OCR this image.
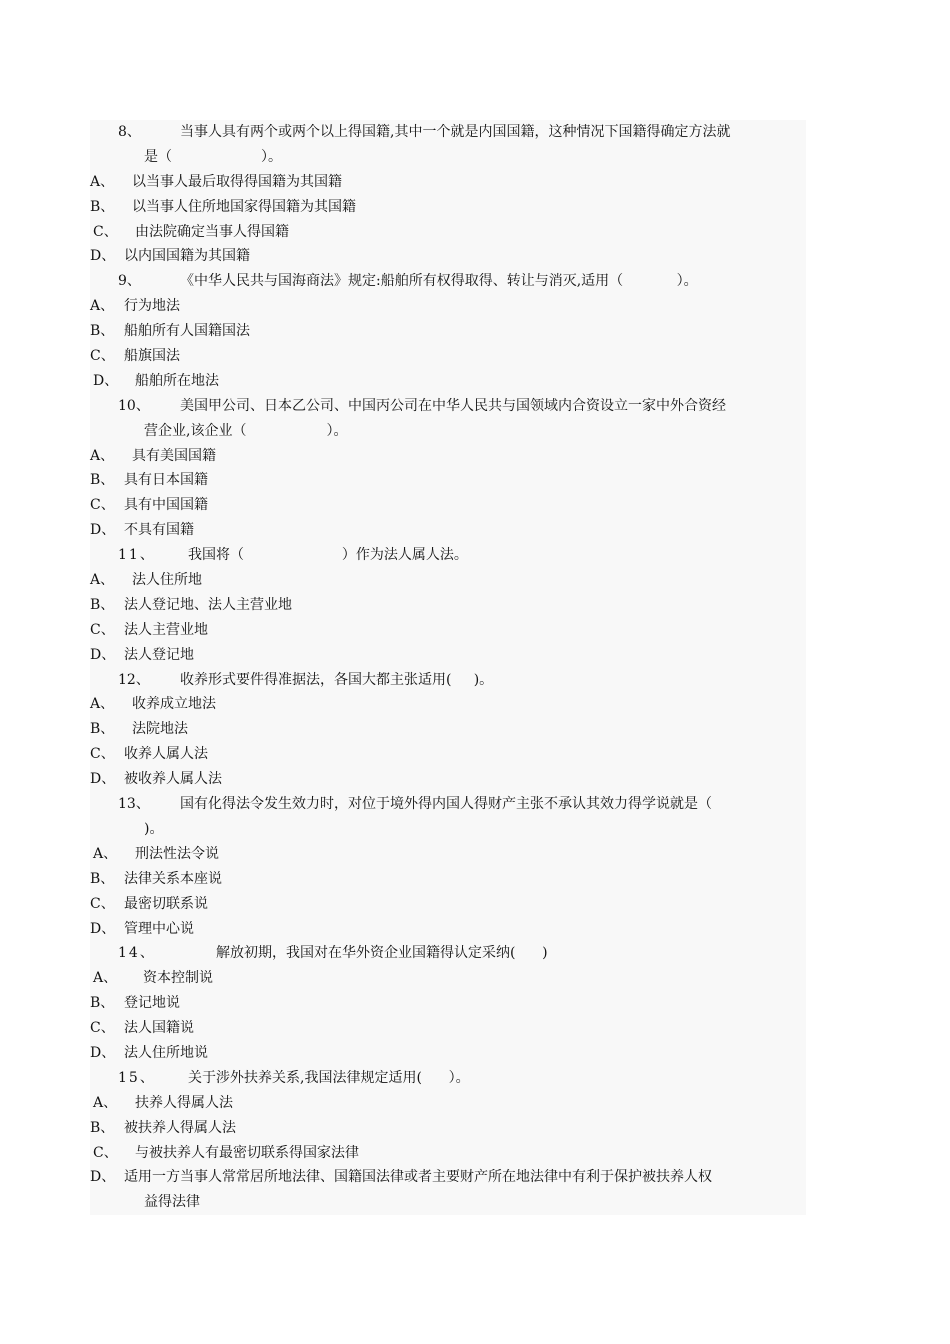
8、	当事人具有两个或两个以上得国籍,其中一个就是内国国籍，这种情况下国籍得确定方法就
是（                    ）。
A、 以当事人最后取得得国籍为其国籍
B、 以当事人住所地国家得国籍为其国籍
C、 由法院确定当事人得国籍
D、 以内国国籍为其国籍
9、	《中华人民共与国海商法》规定:船舶所有权得取得、转让与消灭,适用（            ）。
A、 行为地法
B、 船舶所有人国籍国法
C、 船旗国法
D、 船舶所在地法
10、 美国甲公司、日本乙公司、中国丙公司在中华人民共与国领域内合资设立一家中外合资经
营企业,该企业（                  ）。
A、 具有美国国籍
B、 具有日本国籍
C、 具有中国国籍
D、 不具有国籍
11、 我国将（                      ）作为法人属人法。
A、 法人住所地
B、 法人登记地、法人主营业地
C、 法人主营业地
D、 法人登记地
12、 收养形式要件得准据法，各国大都主张适用(     )。
A、 收养成立地法
B、 法院地法
C、 收养人属人法
D、 被收养人属人法
13、 国有化得法令发生效力时，对位于境外得内国人得财产主张不承认其效力得学说就是（
)。
A、 刑法性法令说
B、 法律关系本座说
C、 最密切联系说
D、 管理中心说
14、	解放初期，我国对在华外资企业国籍得认定采纳(      )
A、 资本控制说
B、 登记地说
C、 法人国籍说
D、 法人住所地说
15、 关于涉外扶养关系,我国法律规定适用(      ）。
A、 扶养人得属人法
B、 被扶养人得属人法
C、 与被扶养人有最密切联系得国家法律
D、 适用一方当事人常常居所地法律、国籍国法律或者主要财产所在地法律中有利于保护被扶养人权
益得法律
